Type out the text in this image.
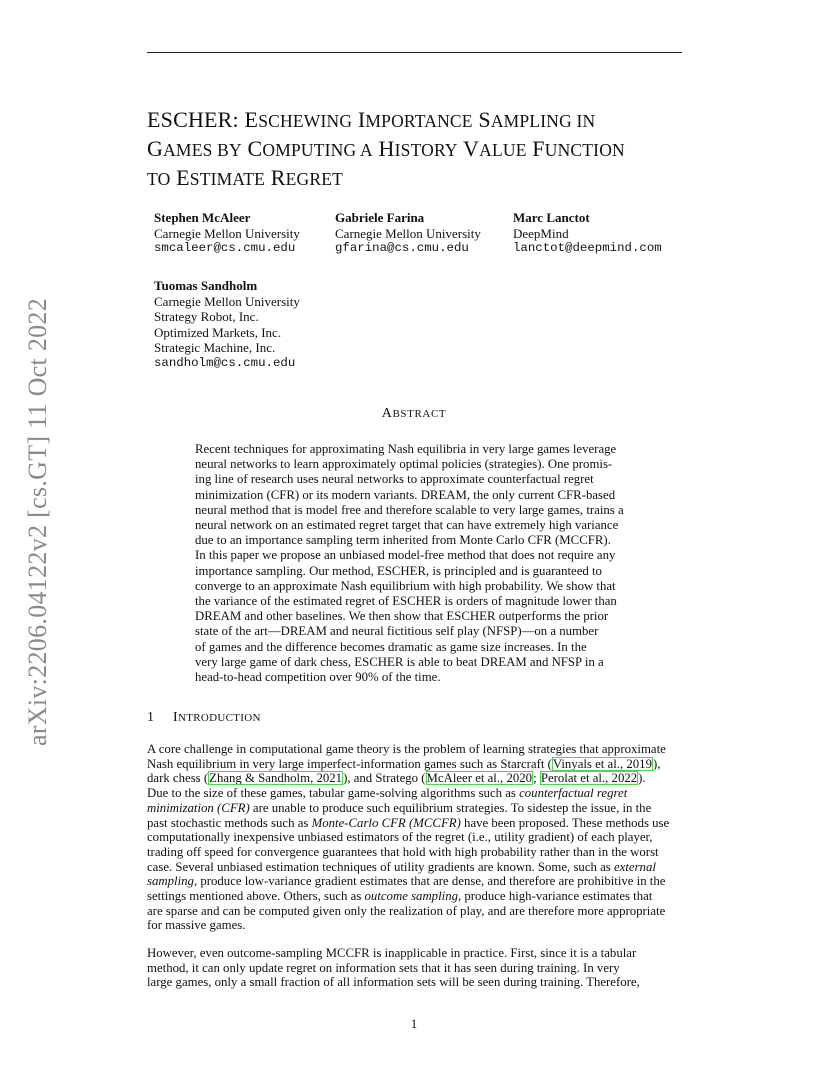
ESCHER: ESCHEWING IMPORTANCE SAMPLING IN
GAMES BY COMPUTING A HISTORY VALUE FUNCTION
TO ESTIMATE REGRET
Stephen McAleer
Carnegie Mellon University
smcaleer@cs.cmu.edu
Gabriele Farina
Carnegie Mellon University
gfarina@cs.cmu.edu
Marc Lanctot
DeepMind
lanctot@deepmind.com
Tuomas Sandholm
Carnegie Mellon University
Strategy Robot, Inc.
Optimized Markets, Inc.
Strategic Machine, Inc.
sandholm@cs.cmu.edu
ABSTRACT
Recent techniques for approximating Nash equilibria in very large games leverage
neural networks to learn approximately optimal policies (strategies). One promis-
ing line of research uses neural networks to approximate counterfactual regret
minimization (CFR) or its modern variants. DREAM, the only current CFR-based
neural method that is model free and therefore scalable to very large games, trains a
neural network on an estimated regret target that can have extremely high variance
due to an importance sampling term inherited from Monte Carlo CFR (MCCFR).
In this paper we propose an unbiased model-free method that does not require any
importance sampling. Our method, ESCHER, is principled and is guaranteed to
converge to an approximate Nash equilibrium with high probability. We show that
the variance of the estimated regret of ESCHER is orders of magnitude lower than
DREAM and other baselines. We then show that ESCHER outperforms the prior
state of the art—DREAM and neural fictitious self play (NFSP)—on a number
of games and the difference becomes dramatic as game size increases. In the
very large game of dark chess, ESCHER is able to beat DREAM and NFSP in a
head-to-head competition over 90% of the time.
1 INTRODUCTION
A core challenge in computational game theory is the problem of learning strategies that approximate
Nash equilibrium in very large imperfect-information games such as Starcraft (Vinyals et al., 2019),
dark chess (Zhang & Sandholm, 2021), and Stratego (McAleer et al., 2020; Perolat et al., 2022).
Due to the size of these games, tabular game-solving algorithms such as counterfactual regret
minimization (CFR) are unable to produce such equilibrium strategies. To sidestep the issue, in the
past stochastic methods such as Monte-Carlo CFR (MCCFR) have been proposed. These methods use
computationally inexpensive unbiased estimators of the regret (i.e., utility gradient) of each player,
trading off speed for convergence guarantees that hold with high probability rather than in the worst
case. Several unbiased estimation techniques of utility gradients are known. Some, such as external
sampling, produce low-variance gradient estimates that are dense, and therefore are prohibitive in the
settings mentioned above. Others, such as outcome sampling, produce high-variance estimates that
are sparse and can be computed given only the realization of play, and are therefore more appropriate
for massive games.
However, even outcome-sampling MCCFR is inapplicable in practice. First, since it is a tabular
method, it can only update regret on information sets that it has seen during training. In very
large games, only a small fraction of all information sets will be seen during training. Therefore,
1
arXiv:2206.04122v2 [cs.GT] 11 Oct 2022
